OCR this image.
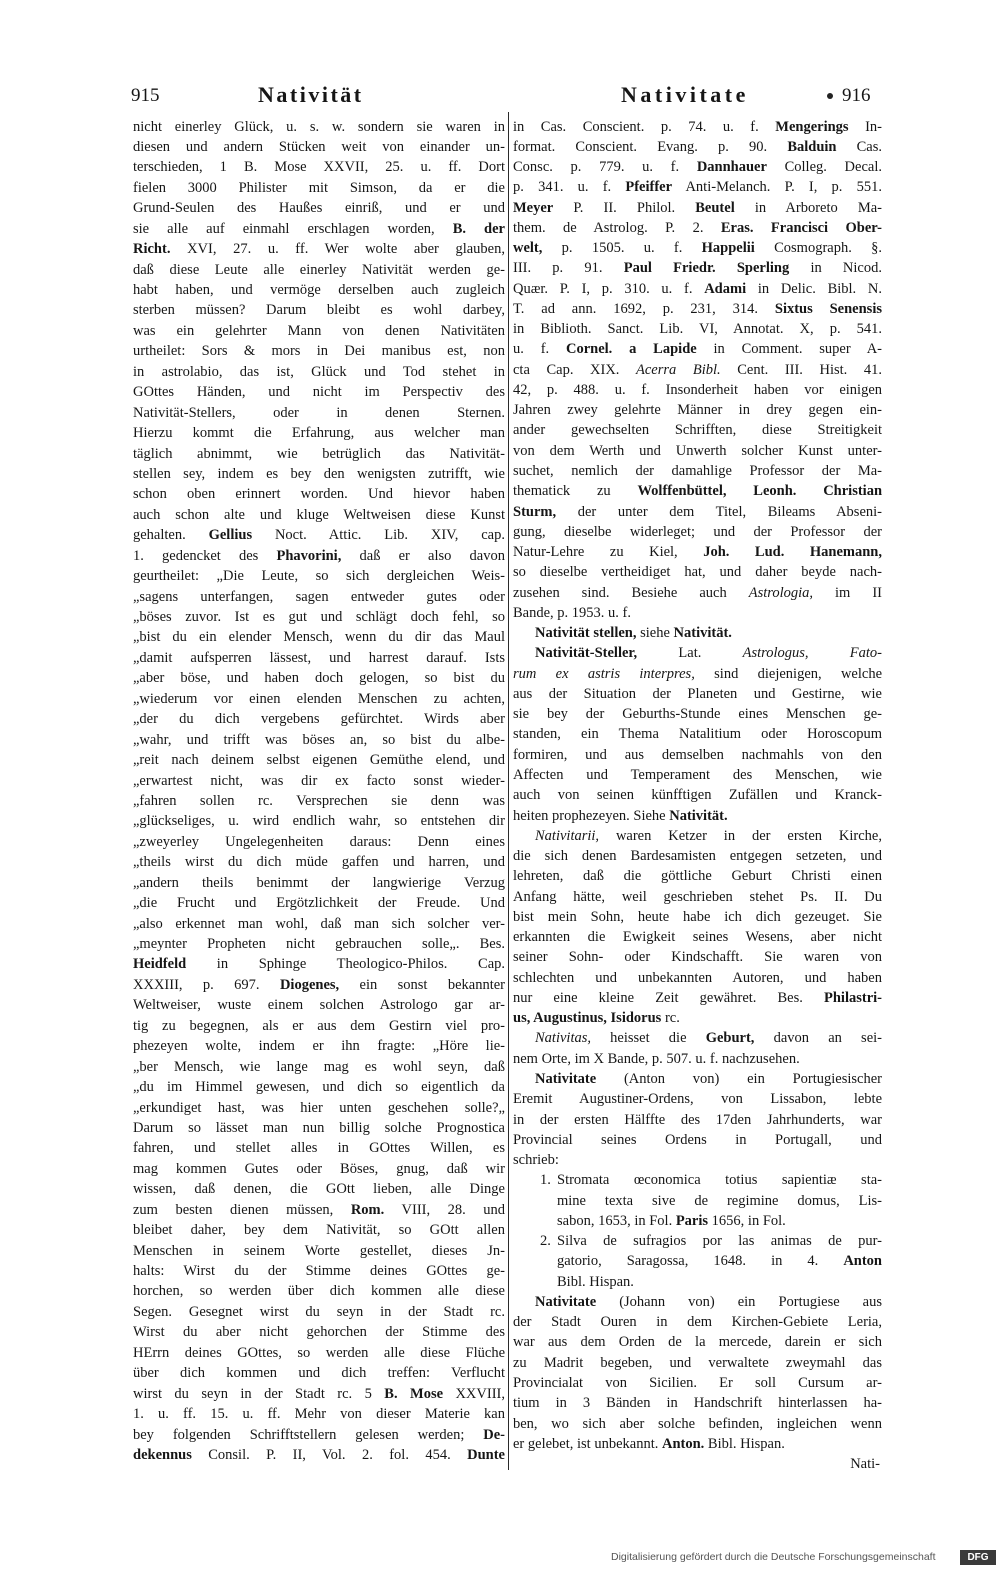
915	Nativität	Nativitate	916
nicht einerley Glück, u. s. w. sondern sie waren in
diesen und andern Stücken weit von einander un-
terschieden, 1 B. Mose XXVII, 25. u. ff. Dort
fielen 3000 Philister mit Simson, da er die
Grund-Seulen des Haußes einriß, und er und
sie alle auf einmahl erschlagen worden, B. der
Richt. XVI, 27. u. ff. Wer wolte aber glauben,
daß diese Leute alle einerley Nativität werden ge-
habt haben, und vermöge derselben auch zugleich
sterben müssen? Darum bleibt es wohl darbey,
was ein gelehrter Mann von denen Nativitäten
urtheilet: Sors & mors in Dei manibus est, non
in astrolabio, das ist, Glück und Tod stehet in
GOttes Händen, und nicht im Perspectiv des
Nativität-Stellers, oder in denen Sternen.
Hierzu kommt die Erfahrung, aus welcher man
täglich abnimmt, wie betrüglich das Nativität-
stellen sey, indem es bey den wenigsten zutrifft, wie
schon oben erinnert worden. Und hievor haben
auch schon alte und kluge Weltweisen diese Kunst
gehalten. Gellius Noct. Attic. Lib. XIV, cap.
1. gedencket des Phavorini, daß er also davon
geurtheilet: „Die Leute, so sich dergleichen Weis-
„sagens unterfangen, sagen entweder gutes oder
„böses zuvor. Ist es gut und schlägt doch fehl, so
„bist du ein elender Mensch, wenn du dir das Maul
„damit aufsperren lässest, und harrest darauf. Ists
„aber böse, und haben doch gelogen, so bist du
„wiederum vor einen elenden Menschen zu achten,
„der du dich vergebens gefürchtet. Wirds aber
„wahr, und trifft was böses an, so bist du albe-
„reit nach deinem selbst eigenen Gemüthe elend, und
„erwartest nicht, was dir ex facto sonst wieder-
„fahren sollen rc. Versprechen sie denn was
„glückseliges, u. wird endlich wahr, so entstehen dir
„zweyerley Ungelegenheiten daraus: Denn eines
„theils wirst du dich müde gaffen und harren, und
„andern theils benimmt der langwierige Verzug
„die Frucht und Ergötzlichkeit der Freude. Und
„also erkennet man wohl, daß man sich solcher ver-
„meynter Propheten nicht gebrauchen solle„. Bes.
Heidfeld in Sphinge Theologico-Philos. Cap.
XXXIII, p. 697. Diogenes, ein sonst bekannter
Weltweiser, wuste einem solchen Astrologo gar ar-
tig zu begegnen, als er aus dem Gestirn viel pro-
phezeyen wolte, indem er ihn fragte: „Höre lie-
„ber Mensch, wie lange mag es wohl seyn, daß
„du im Himmel gewesen, und dich so eigentlich da
„erkundiget hast, was hier unten geschehen solle?„
Darum so lässet man nun billig solche Prognostica
fahren, und stellet alles in GOttes Willen, es
mag kommen Gutes oder Böses, gnug, daß wir
wissen, daß denen, die GOtt lieben, alle Dinge
zum besten dienen müssen, Rom. VIII, 28. und
bleibet daher, bey dem Nativität, so GOtt allen
Menschen in seinem Worte gestellet, dieses Jn-
halts: Wirst du der Stimme deines GOttes ge-
horchen, so werden über dich kommen alle diese
Segen. Gesegnet wirst du seyn in der Stadt rc.
Wirst du aber nicht gehorchen der Stimme des
HErrn deines GOttes, so werden alle diese Flüche
über dich kommen und dich treffen: Verflucht
wirst du seyn in der Stadt rc. 5 B. Mose XXVIII,
1. u. ff. 15. u. ff. Mehr von dieser Materie kan
bey folgenden Schrifftstellern gelesen werden; De-
dekennus Consil. P. II, Vol. 2. fol. 454. Dunte
in Cas. Conscient. p. 74. u. f. Mengerings In-
format. Conscient. Evang. p. 90. Balduin Cas.
Consc. p. 779. u. f. Dannhauer Colleg. Decal.
p. 341. u. f. Pfeiffer Anti-Melanch. P. I, p. 551.
Meyer P. II. Philol. Beutel in Arboreto Ma-
them. de Astrolog. P. 2. Eras. Francisci Ober-
welt, p. 1505. u. f. Happelii Cosmograph. §.
III. p. 91. Paul Friedr. Sperling in Nicod.
Quær. P. I, p. 310. u. f. Adami in Delic. Bibl. N.
T. ad ann. 1692, p. 231, 314. Sixtus Senensis
in Biblioth. Sanct. Lib. VI, Annotat. X, p. 541.
u. f. Cornel. a Lapide in Comment. super A-
cta Cap. XIX. Acerra Bibl. Cent. III. Hist. 41.
42, p. 488. u. f. Insonderheit haben vor einigen
Jahren zwey gelehrte Männer in drey gegen ein-
ander gewechselten Schrifften, diese Streitigkeit
von dem Werth und Unwerth solcher Kunst unter-
suchet, nemlich der damahlige Professor der Ma-
thematick zu Wolffenbüttel, Leonh. Christian
Sturm, der unter dem Titel, Bileams Abseni-
gung, dieselbe widerleget; und der Professor der
Natur-Lehre zu Kiel, Joh. Lud. Hanemann,
so dieselbe vertheidiget hat, und daher beyde nach-
zusehen sind. Besiehe auch Astrologia, im II
Bande, p. 1953. u. f.
Nativität stellen, siehe Nativität.
Nativität-Steller, Lat. Astrologus, Fato-
rum ex astris interpres, sind diejenigen, welche
aus der Situation der Planeten und Gestirne, wie
sie bey der Geburths-Stunde eines Menschen ge-
standen, ein Thema Natalitium oder Horoscopum
formiren, und aus demselben nachmahls von den
Affecten und Temperament des Menschen, wie
auch von seinen künfftigen Zufällen und Kranck-
heiten prophezeyen. Siehe Nativität.
Nativitarii, waren Ketzer in der ersten Kirche,
die sich denen Bardesamisten entgegen setzeten, und
lehreten, daß die göttliche Geburt Christi einen
Anfang hätte, weil geschrieben stehet Ps. II. Du
bist mein Sohn, heute habe ich dich gezeuget. Sie
erkannten die Ewigkeit seines Wesens, aber nicht
seiner Sohn- oder Kindschafft. Sie waren von
schlechten und unbekannten Autoren, und haben
nur eine kleine Zeit gewähret. Bes. Philastri-
us, Augustinus, Isidorus rc.
Nativitas, heisset die Geburt, davon an sei-
nem Orte, im X Bande, p. 507. u. f. nachzusehen.
Nativitate (Anton von) ein Portugiesischer
Eremit Augustiner-Ordens, von Lissabon, lebte
in der ersten Hälffte des 17den Jahrhunderts, war
Provincial seines Ordens in Portugall, und
schrieb:
1. Stromata œconomica totius sapientiæ sta-
mine texta sive de regimine domus, Lis-
sabon, 1653, in Fol. Paris 1656, in Fol.
2. Silva de sufragios por las animas de pur-
gatorio, Saragossa, 1648. in 4. Anton
Bibl. Hispan.
Nativitate (Johann von) ein Portugiese aus
der Stadt Ouren in dem Kirchen-Gebiete Leria,
war aus dem Orden de la mercede, darein er sich
zu Madrit begeben, und verwaltete zweymahl das
Provincialat von Sicilien. Er soll Cursum ar-
tium in 3 Bänden in Handschrift hinterlassen ha-
ben, wo sich aber solche befinden, ingleichen wenn
er gelebet, ist unbekannt. Anton. Bibl. Hispan.
Nati-
Digitalisierung gefördert durch die Deutsche Forschungsgemeinschaft	DFG
